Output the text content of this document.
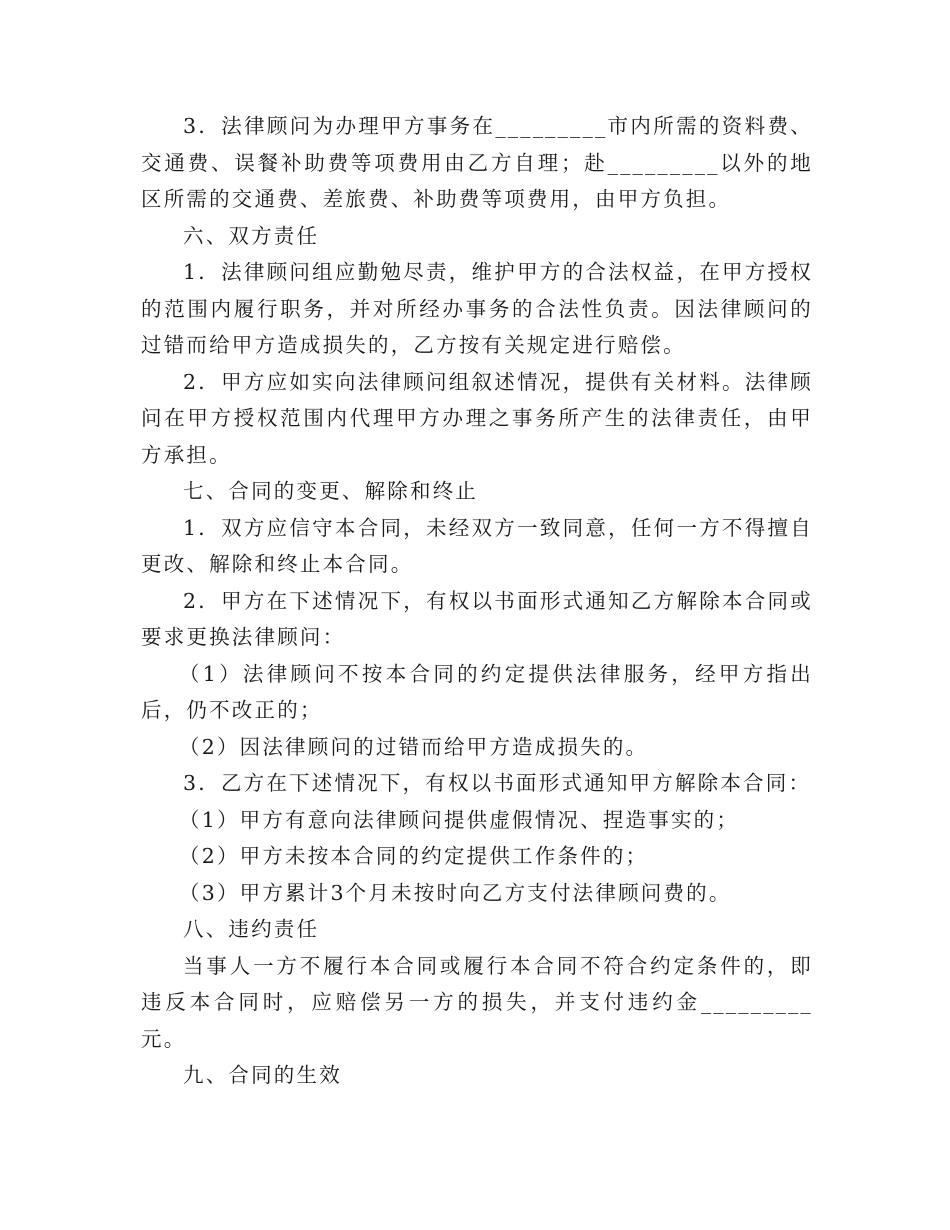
3．法律顾问为办理甲方事务在_________市内所需的资料费、交通费、误餐补助费等项费用由乙方自理；赴_________以外的地区所需的交通费、差旅费、补助费等项费用，由甲方负担。

六、双方责任

1．法律顾问组应勤勉尽责，维护甲方的合法权益，在甲方授权的范围内履行职务，并对所经办事务的合法性负责。因法律顾问的过错而给甲方造成损失的，乙方按有关规定进行赔偿。

2．甲方应如实向法律顾问组叙述情况，提供有关材料。法律顾问在甲方授权范围内代理甲方办理之事务所产生的法律责任，由甲方承担。

七、合同的变更、解除和终止

1．双方应信守本合同，未经双方一致同意，任何一方不得擅自更改、解除和终止本合同。

2．甲方在下述情况下，有权以书面形式通知乙方解除本合同或要求更换法律顾问：

（1）法律顾问不按本合同的约定提供法律服务，经甲方指出后，仍不改正的；

（2）因法律顾问的过错而给甲方造成损失的。

3．乙方在下述情况下，有权以书面形式通知甲方解除本合同：

（1）甲方有意向法律顾问提供虚假情况、捏造事实的；

（2）甲方未按本合同的约定提供工作条件的；

（3）甲方累计3个月未按时向乙方支付法律顾问费的。

八、违约责任

当事人一方不履行本合同或履行本合同不符合约定条件的，即违反本合同时，应赔偿另一方的损失，并支付违约金_________元。

九、合同的生效
